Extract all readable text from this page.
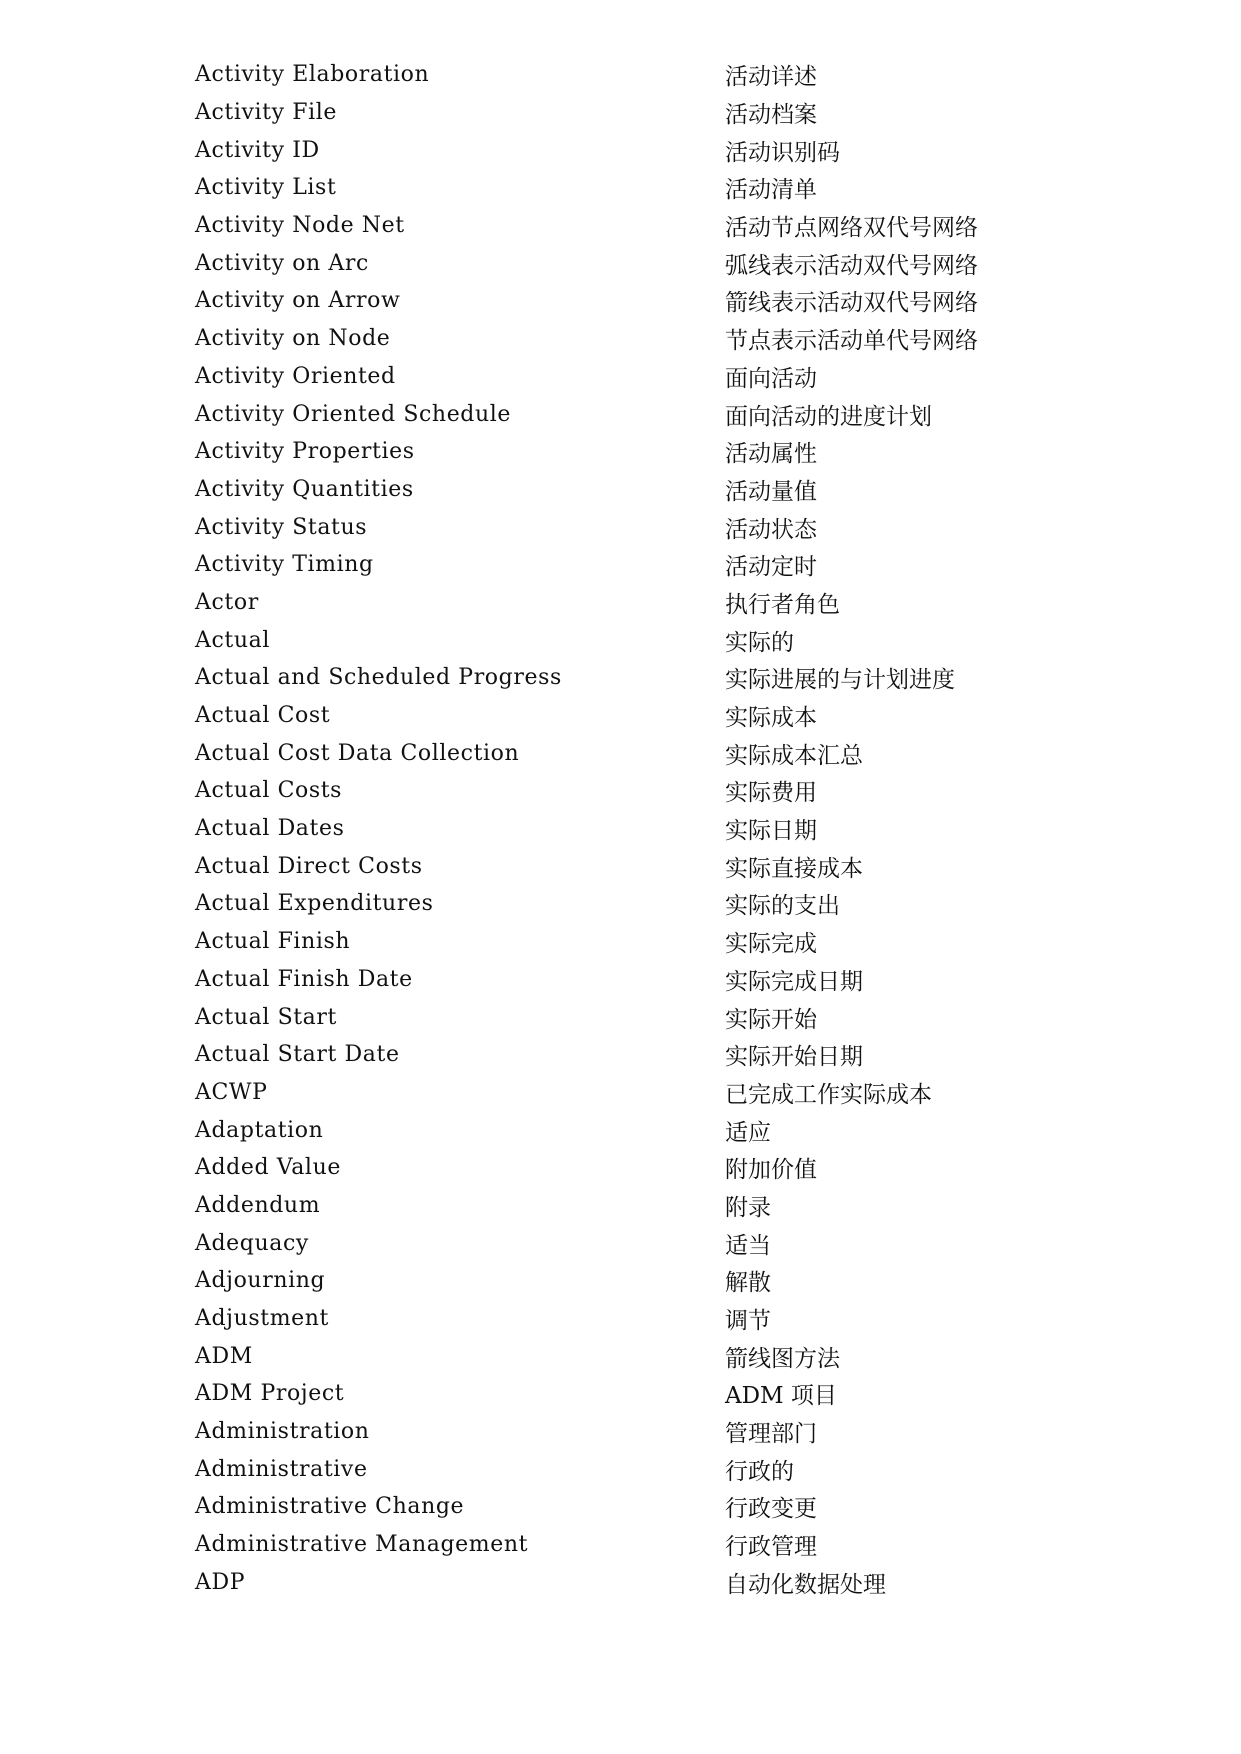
Activity Elaboration	活动详述
Activity File	活动档案
Activity ID	活动识别码
Activity List	活动清单
Activity Node Net	活动节点网络双代号网络
Activity on Arc	弧线表示活动双代号网络
Activity on Arrow	箭线表示活动双代号网络
Activity on Node	节点表示活动单代号网络
Activity Oriented	面向活动
Activity Oriented Schedule	面向活动的进度计划
Activity Properties	活动属性
Activity Quantities	活动量值
Activity Status	活动状态
Activity Timing	活动定时
Actor	执行者角色
Actual	实际的
Actual and Scheduled Progress	实际进展的与计划进度
Actual Cost	实际成本
Actual Cost Data Collection	实际成本汇总
Actual Costs	实际费用
Actual Dates	实际日期
Actual Direct Costs	实际直接成本
Actual Expenditures	实际的支出
Actual Finish	实际完成
Actual Finish Date	实际完成日期
Actual Start	实际开始
Actual Start Date	实际开始日期
ACWP	已完成工作实际成本
Adaptation	适应
Added Value	附加价值
Addendum	附录
Adequacy	适当
Adjourning	解散
Adjustment	调节
ADM	箭线图方法
ADM Project	ADM 项目
Administration	管理部门
Administrative	行政的
Administrative Change	行政变更
Administrative Management	行政管理
ADP	自动化数据处理
